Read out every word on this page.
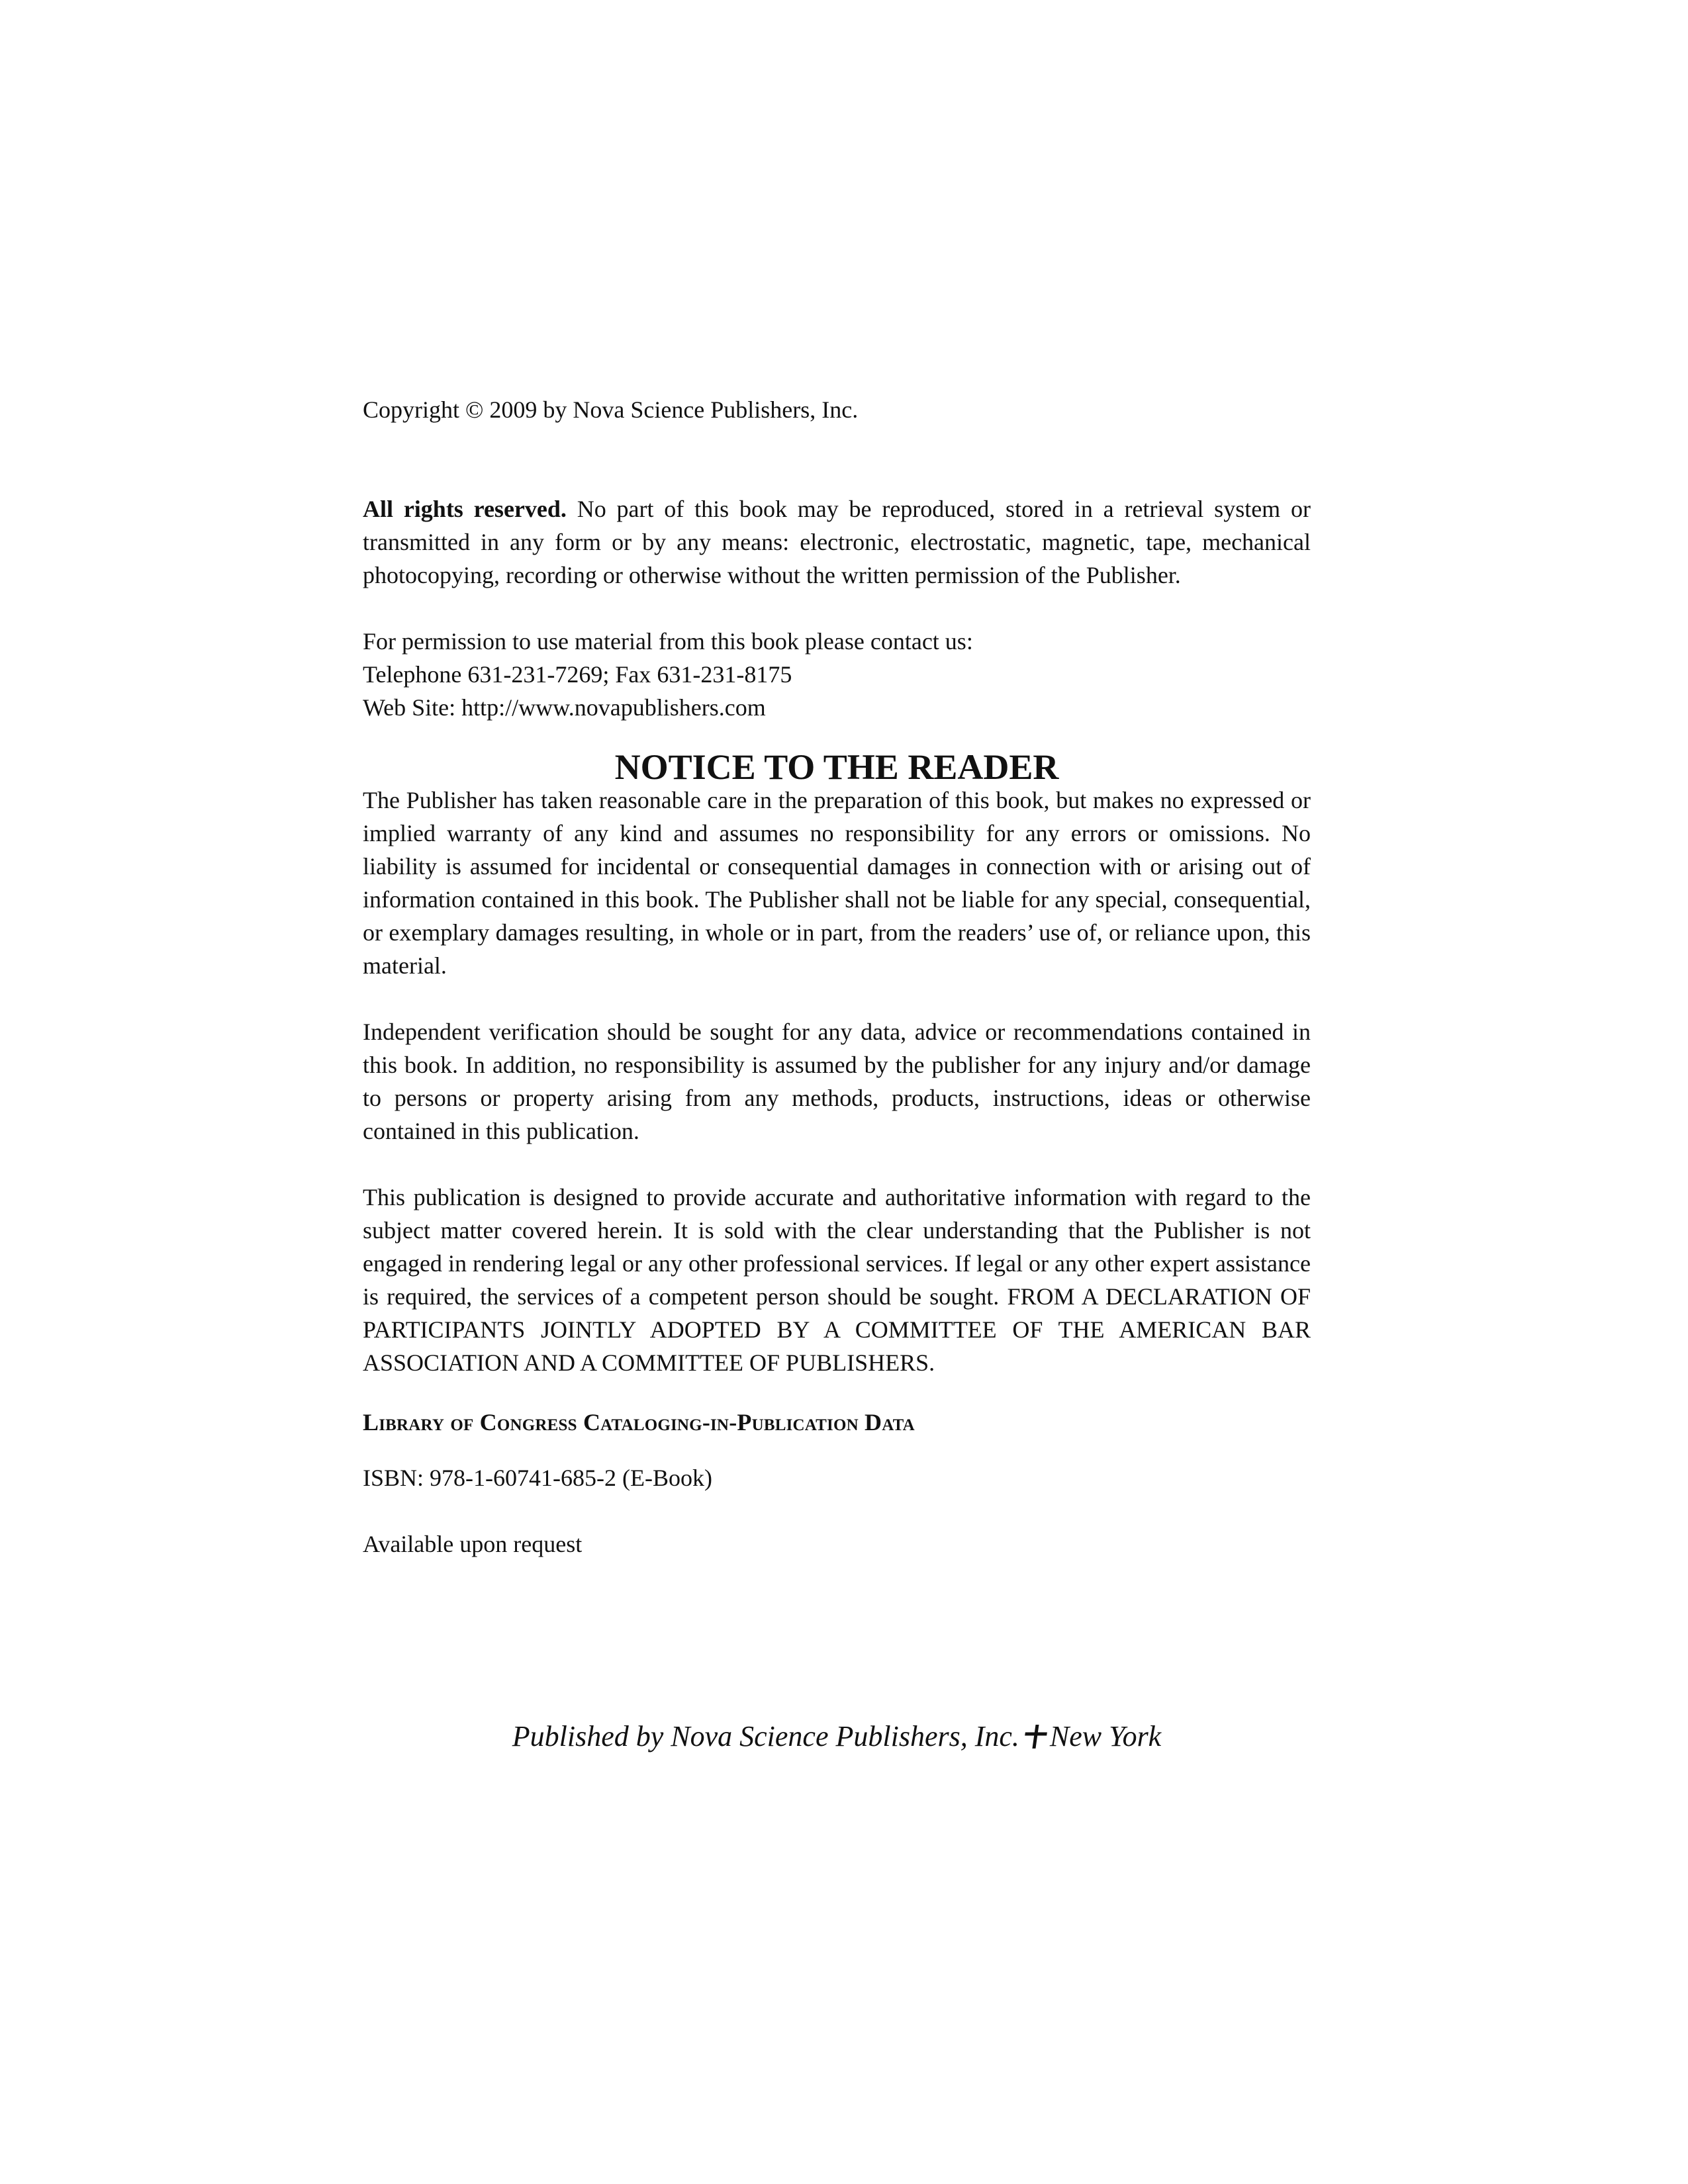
Copyright © 2009 by Nova Science Publishers, Inc.

All rights reserved. No part of this book may be reproduced, stored in a retrieval system or transmitted in any form or by any means: electronic, electrostatic, magnetic, tape, mechanical photocopying, recording or otherwise without the written permission of the Publisher.

For permission to use material from this book please contact us:
Telephone 631-231-7269; Fax 631-231-8175
Web Site: http://www.novapublishers.com
NOTICE TO THE READER

The Publisher has taken reasonable care in the preparation of this book, but makes no expressed or implied warranty of any kind and assumes no responsibility for any errors or omissions. No liability is assumed for incidental or consequential damages in connection with or arising out of information contained in this book. The Publisher shall not be liable for any special, consequential, or exemplary damages resulting, in whole or in part, from the readers’ use of, or reliance upon, this material.

Independent verification should be sought for any data, advice or recommendations contained in this book. In addition, no responsibility is assumed by the publisher for any injury and/or damage to persons or property arising from any methods, products, instructions, ideas or otherwise contained in this publication.

This publication is designed to provide accurate and authoritative information with regard to the subject matter covered herein. It is sold with the clear understanding that the Publisher is not engaged in rendering legal or any other professional services. If legal or any other expert assistance is required, the services of a competent person should be sought. FROM A DECLARATION OF PARTICIPANTS JOINTLY ADOPTED BY A COMMITTEE OF THE AMERICAN BAR ASSOCIATION AND A COMMITTEE OF PUBLISHERS.

Library of Congress Cataloging-in-Publication Data

ISBN: 978-1-60741-685-2 (E-Book)

Available upon request

Published by Nova Science Publishers, Inc. New York
